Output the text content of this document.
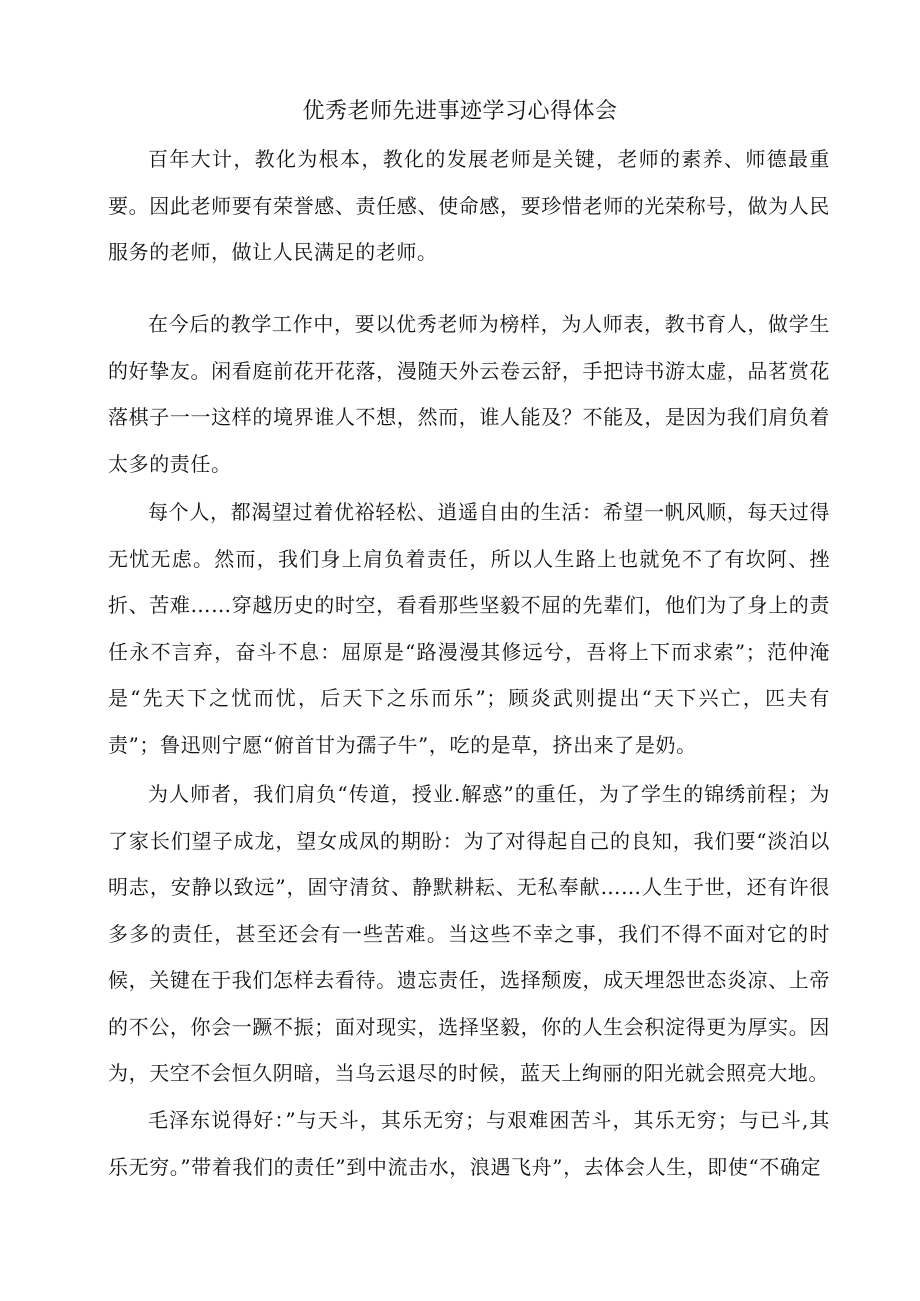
优秀老师先进事迹学习心得体会

百年大计，教化为根本，教化的发展老师是关键，老师的素养、师德最重要。因此老师要有荣誉感、责任感、使命感，要珍惜老师的光荣称号，做为人民服务的老师，做让人民满足的老师。

在今后的教学工作中，要以优秀老师为榜样，为人师表，教书育人，做学生的好挚友。闲看庭前花开花落，漫随天外云卷云舒，手把诗书游太虚，品茗赏花落棋子一一这样的境界谁人不想，然而，谁人能及？不能及，是因为我们肩负着太多的责任。

每个人，都渴望过着优裕轻松、逍遥自由的生活：希望一帆风顺，每天过得无忧无虑。然而，我们身上肩负着责任，所以人生路上也就免不了有坎阿、挫折、苦难……穿越历史的时空，看看那些坚毅不屈的先辈们，他们为了身上的责任永不言弃，奋斗不息：屈原是“路漫漫其修远兮，吾将上下而求索”；范仲淹是“先天下之忧而忧，后天下之乐而乐”；顾炎武则提出“天下兴亡，匹夫有责”；鲁迅则宁愿“俯首甘为孺子牛”，吃的是草，挤出来了是奶。

为人师者，我们肩负“传道，授业.解惑”的重任，为了学生的锦绣前程；为了家长们望子成龙，望女成凤的期盼：为了对得起自己的良知，我们要“淡泊以明志，安静以致远”，固守清贫、静默耕耘、无私奉献……人生于世，还有许很多多的责任，甚至还会有一些苦难。当这些不幸之事，我们不得不面对它的时候，关键在于我们怎样去看待。遗忘责任，选择颓废，成天埋怨世态炎凉、上帝的不公，你会一蹶不振；面对现实，选择坚毅，你的人生会积淀得更为厚实。因为，天空不会恒久阴暗，当乌云退尽的时候，蓝天上绚丽的阳光就会照亮大地。

毛泽东说得好：”与天斗，其乐无穷；与艰难困苦斗，其乐无穷；与已斗,其乐无穷。”带着我们的责任”到中流击水，浪遇飞舟”，去体会人生，即使“不确定
